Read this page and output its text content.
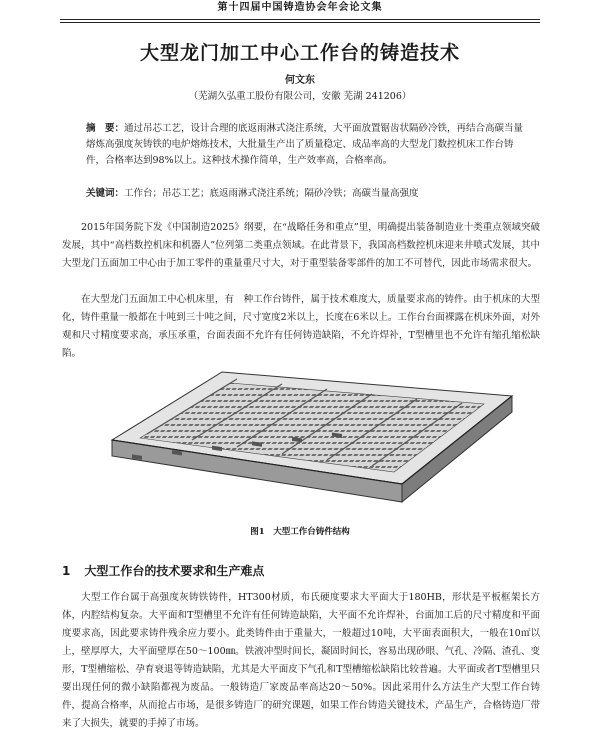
第十四届中国铸造协会年会论文集
大型龙门加工中心工作台的铸造技术
何文东
（芜湖久弘重工股份有限公司，安徽 芜湖 241206）
摘　要：通过吊芯工艺，设计合理的底返雨淋式浇注系统，大平面放置锯齿状隔砂冷铁，再结合高碳当量熔炼高强度灰铸铁的电炉熔炼技术，大批量生产出了质量稳定、成品率高的大型龙门数控机床工作台铸件，合格率达到98%以上。这种技术操作简单，生产效率高，合格率高。
关键词：工作台；吊芯工艺；底返雨淋式浇注系统；隔砂冷铁；高碳当量高强度
2015年国务院下发《中国制造2025》纲要，在“战略任务和重点”里，明确提出装备制造业十类重点领域突破发展，其中“高档数控机床和机器人”位列第二类重点领域。在此背景下，我国高档数控机床迎来井喷式发展，其中大型龙门五面加工中心由于加工零件的重量重尺寸大，对于重型装备零部件的加工不可替代，因此市场需求很大。
在大型龙门五面加工中心机床里，有　种工作台铸件，属于技术难度大，质量要求高的铸件。由于机床的大型化，铸件重量一般都在十吨到三十吨之间，尺寸宽度2米以上，长度在6米以上。工作台台面裸露在机床外面，对外观和尺寸精度要求高，承压承重，台面表面不允许有任何铸造缺陷，不允许焊补，T型槽里也不允许有缩孔缩松缺陷。
图1　大型工作台铸件结构
1 大型工作台的技术要求和生产难点
大型工作台属于高强度灰铸铁铸件，HT300材质，布氏硬度要求大平面大于180HB，形状是平板框架长方体，内腔结构复杂。大平面和T型槽里不允许有任何铸造缺陷，大平面不允许焊补，台面加工后的尺寸精度和平面度要求高，因此要求铸件残余应力要小。此类铸件由于重量大，一般超过10吨，大平面表面积大，一般在10㎡以上，壁厚厚大，大平面壁厚在50～100㎜。铁液冲型时间长，凝固时间长，容易出现砂眼、气孔、冷隔、渣孔、变形，T型槽缩松、孕育衰退等铸造缺陷，尤其是大平面皮下气孔和T型槽缩松缺陷比较普遍。大平面或者T型槽里只要出现任何的微小缺陷都视为废品。一般铸造厂家废品率高达20～50%。因此采用什么方法生产大型工作台铸件，提高合格率，从而抢占市场，是很多铸造厂的研究课题，如果工作台铸造关键技术，产品生产，合格铸造厂带来了大损失，就要的手掉了市场。
